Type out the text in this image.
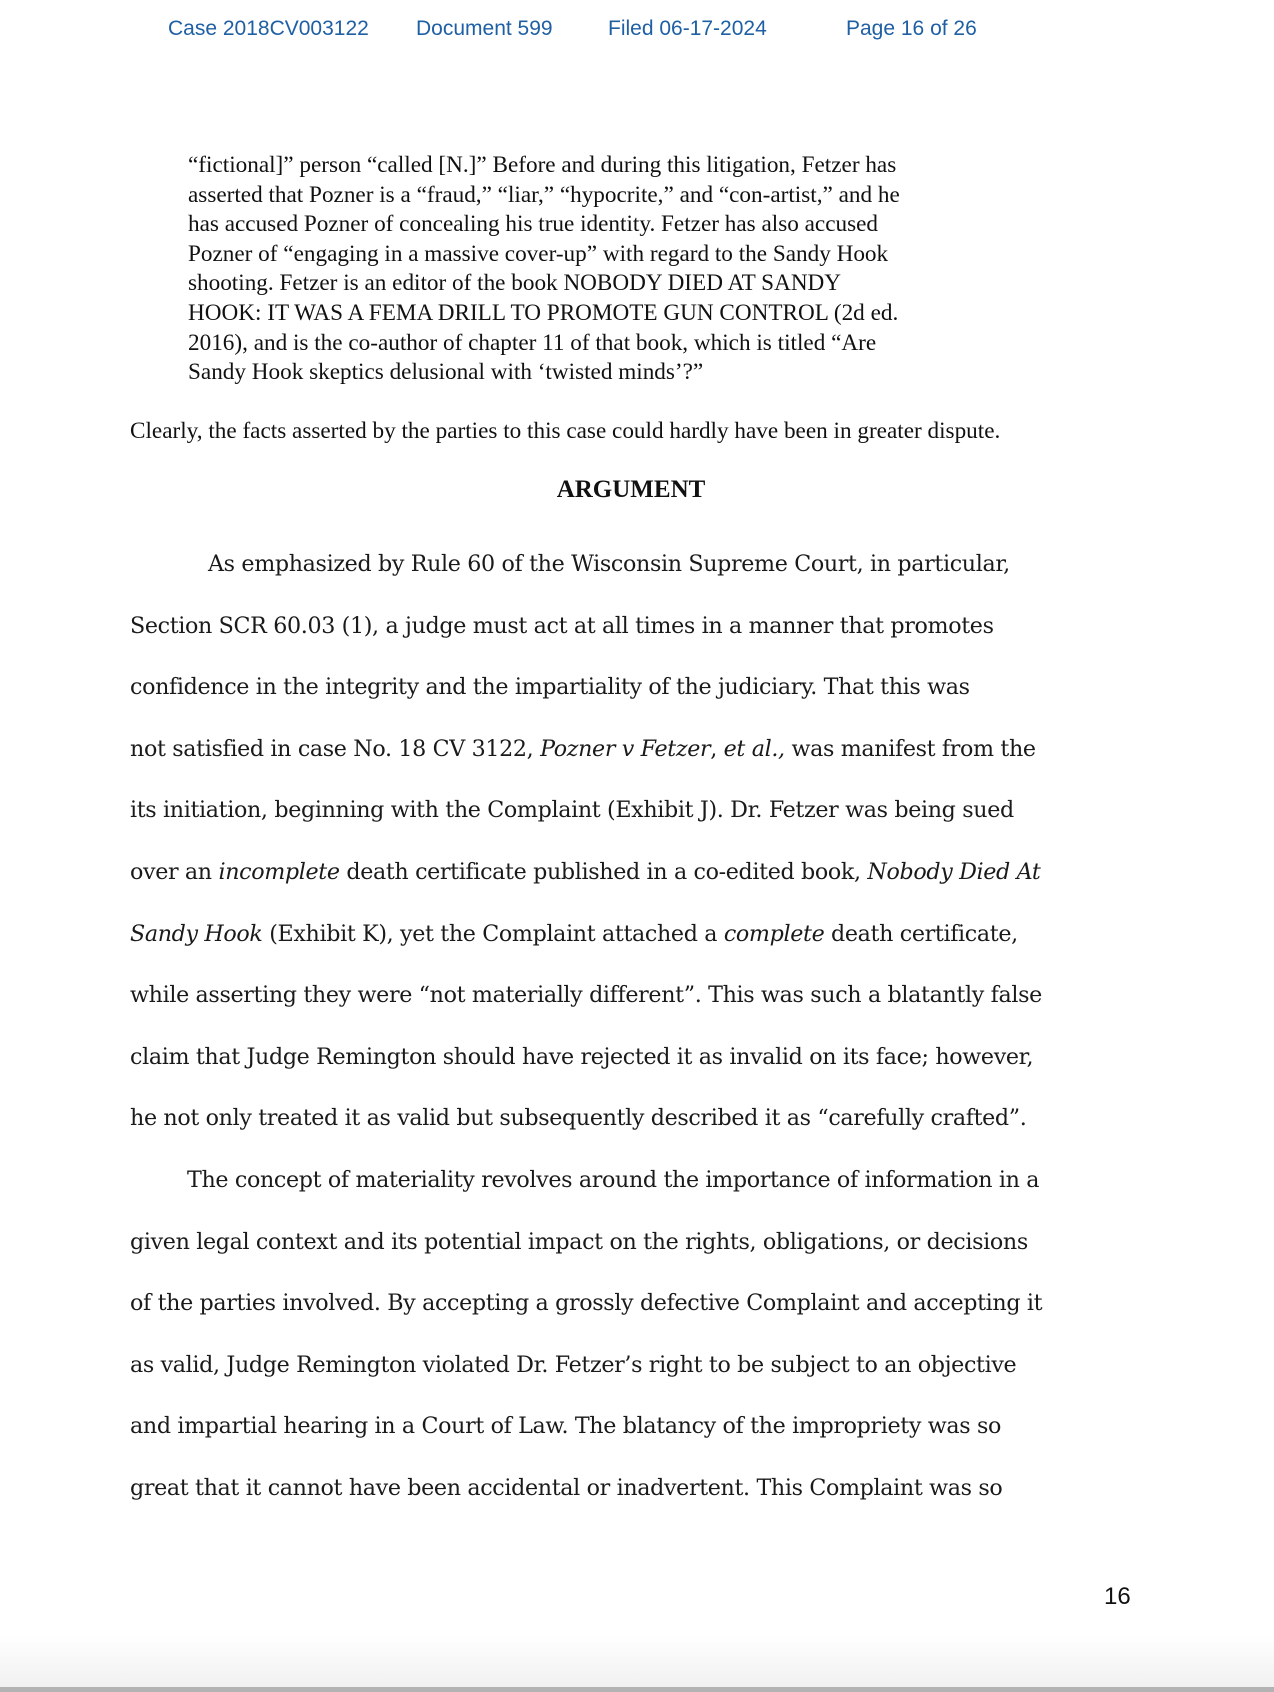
Case 2018CV003122 Document 599	Filed 06-17-2024	Page 16 of 26
“fictional]” person “called [N.]” Before and during this litigation, Fetzer has
asserted that Pozner is a “fraud,” “liar,” “hypocrite,” and “con-artist,” and he
has accused Pozner of concealing his true identity. Fetzer has also accused
Pozner of “engaging in a massive cover-up” with regard to the Sandy Hook
shooting. Fetzer is an editor of the book NOBODY DIED AT SANDY
HOOK: IT WAS A FEMA DRILL TO PROMOTE GUN CONTROL (2d ed.
2016), and is the co-author of chapter 11 of that book, which is titled “Are
Sandy Hook skeptics delusional with ‘twisted minds’?”
Clearly, the facts asserted by the parties to this case could hardly have been in greater dispute.
ARGUMENT
As emphasized by Rule 60 of the Wisconsin Supreme Court, in particular,
Section SCR 60.03 (1), a judge must act at all times in a manner that promotes
confidence in the integrity and the impartiality of the judiciary. That this was
not satisfied in case No. 18 CV 3122, Pozner v Fetzer, et al., was manifest from the
its initiation, beginning with the Complaint (Exhibit J). Dr. Fetzer was being sued
over an incomplete death certificate published in a co-edited book, Nobody Died At
Sandy Hook (Exhibit K), yet the Complaint attached a complete death certificate,
while asserting they were “not materially different”. This was such a blatantly false
claim that Judge Remington should have rejected it as invalid on its face; however,
he not only treated it as valid but subsequently described it as “carefully crafted”.
The concept of materiality revolves around the importance of information in a
given legal context and its potential impact on the rights, obligations, or decisions
of the parties involved. By accepting a grossly defective Complaint and accepting it
as valid, Judge Remington violated Dr. Fetzer’s right to be subject to an objective
and impartial hearing in a Court of Law. The blatancy of the impropriety was so
great that it cannot have been accidental or inadvertent. This Complaint was so
16
